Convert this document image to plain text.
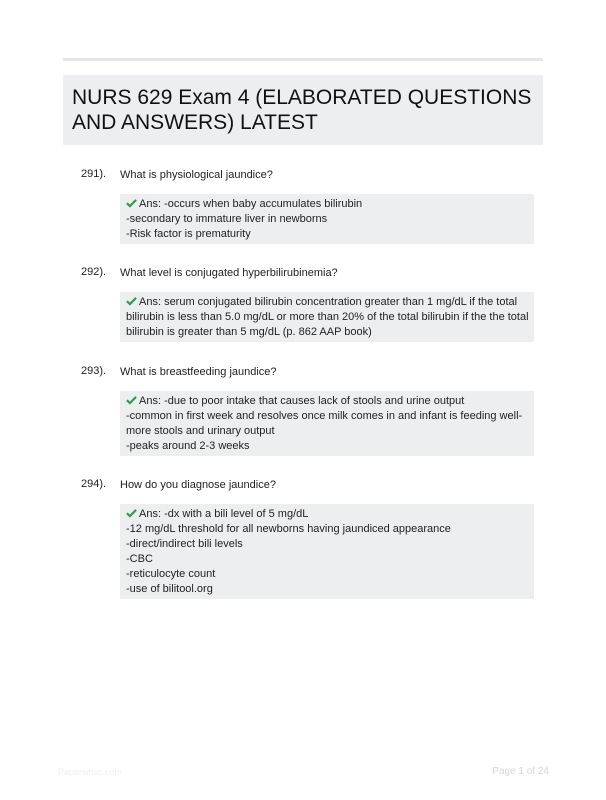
NURS 629 Exam 4 (ELABORATED QUESTIONS AND ANSWERS) LATEST
291). What is physiological jaundice?
Ans: -occurs when baby accumulates bilirubin
-secondary to immature liver in newborns
-Risk factor is prematurity
292). What level is conjugated hyperbilirubinemia?
Ans: serum conjugated bilirubin concentration greater than 1 mg/dL if the total
bilirubin is less than 5.0 mg/dL or more than 20% of the total bilirubin if the the total
bilirubin is greater than 5 mg/dL (p. 862 AAP book)
293). What is breastfeeding jaundice?
Ans: -due to poor intake that causes lack of stools and urine output
-common in first week and resolves once milk comes in and infant is feeding well-
more stools and urinary output
-peaks around 2-3 weeks
294). How do you diagnose jaundice?
Ans: -dx with a bili level of 5 mg/dL
-12 mg/dL threshold for all newborns having jaundiced appearance
-direct/indirect bili levels
-CBC
-reticulocyte count
-use of bilitool.org
Paperwtbic.com	Page 1 of 24
